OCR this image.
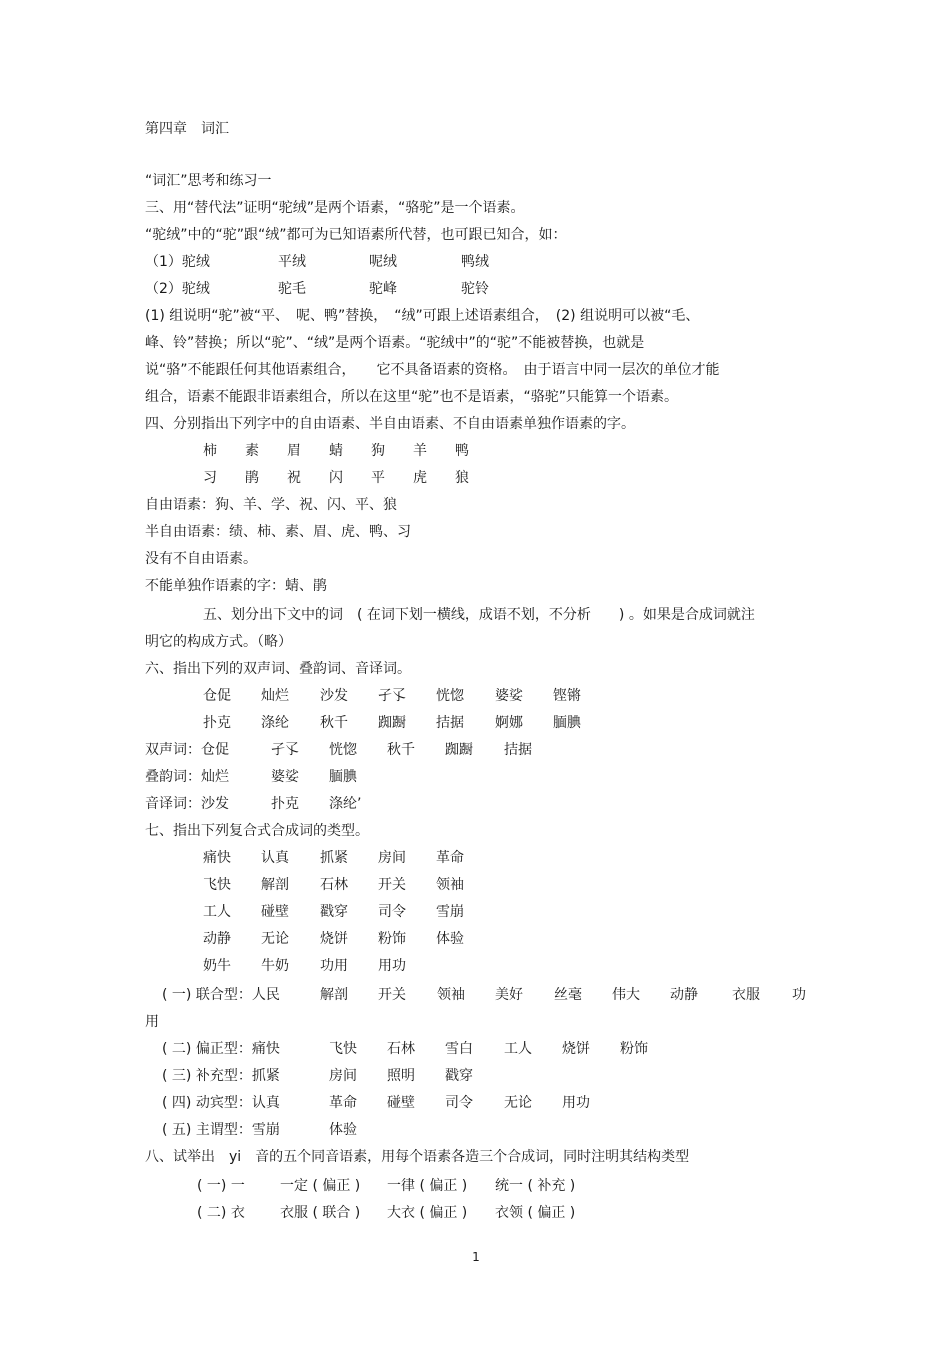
第四章　词汇
“词汇”思考和练习一
三、用“替代法”证明“驼绒”是两个语素，“骆驼”是一个语素。
“驼绒”中的“驼”跟“绒”都可为已知语素所代替，也可跟已知合，如：
（1）驼绒	平绒	呢绒	鸭绒
（2）驼绒	驼毛	驼峰	驼铃
(1) 组说明“驼”被“平、　呢、鸭”替换，　“绒”可跟上述语素组合，　(2) 组说明可以被“毛、
峰、铃”替换；所以“驼”、“绒”是两个语素。“驼绒中”的“驼”不能被替换，也就是
说“骆”不能跟任何其他语素组合，　　它不具备语素的资格。　由于语言中同一层次的单位才能
组合，语素不能跟非语素组合，所以在这里“驼”也不是语素，“骆驼”只能算一个语素。
四、分别指出下列字中的自由语素、半自由语素、不自由语素单独作语素的字。
柿 素 眉 蜻 狗 羊 鸭
习 鹃 祝 闪 平 虎 狼
自由语素：狗、羊、学、祝、闪、平、狼
半自由语素：绩、柿、素、眉、虎、鸭、习
没有不自由语素。
不能单独作语素的字：蜻、鹃
五、划分出下文中的词　( 在词下划一横线，成语不划，不分析　　) 。如果是合成词就注
明它的构成方式。（略）
六、指出下列的双声词、叠韵词、音译词。
仓促 灿烂 沙发 孑孓 恍惚 婆娑 铿锵
扑克 涤纶 秋千 踟蹰 拮据 婀娜 腼腆
双声词：仓促	孑孓 恍惚 秋千 踟蹰 拮据
叠韵词：灿烂	婆娑 腼腆
音译词：沙发	扑克 涤纶’
七、指出下列复合式合成词的类型。
痛快 认真 抓紧 房间 革命
飞快 解剖 石林 开关 领袖
工人 碰壁 戳穿 司令 雪崩
动静 无论 烧饼 粉饰 体验
奶牛 牛奶 功用 用功
( 一) 联合型：人民	解剖 开关 领袖 美好 丝毫 伟大 动静 衣服 功
用
( 二) 偏正型：痛快	飞快 石林 雪白 工人 烧饼 粉饰
( 三) 补充型：抓紧	房间 照明 戳穿
( 四) 动宾型：认真	革命 碰壁 司令 无论 用功
( 五) 主谓型：雪崩	体验
八、试举出　yi　音的五个同音语素，用每个语素各造三个合成词，同时注明其结构类型
( 一) 一	一定 ( 偏正 ) 一律 ( 偏正 ) 统一 ( 补充 )
( 二) 衣	衣服 ( 联合 ) 大衣 ( 偏正 ) 衣领 ( 偏正 )
1
